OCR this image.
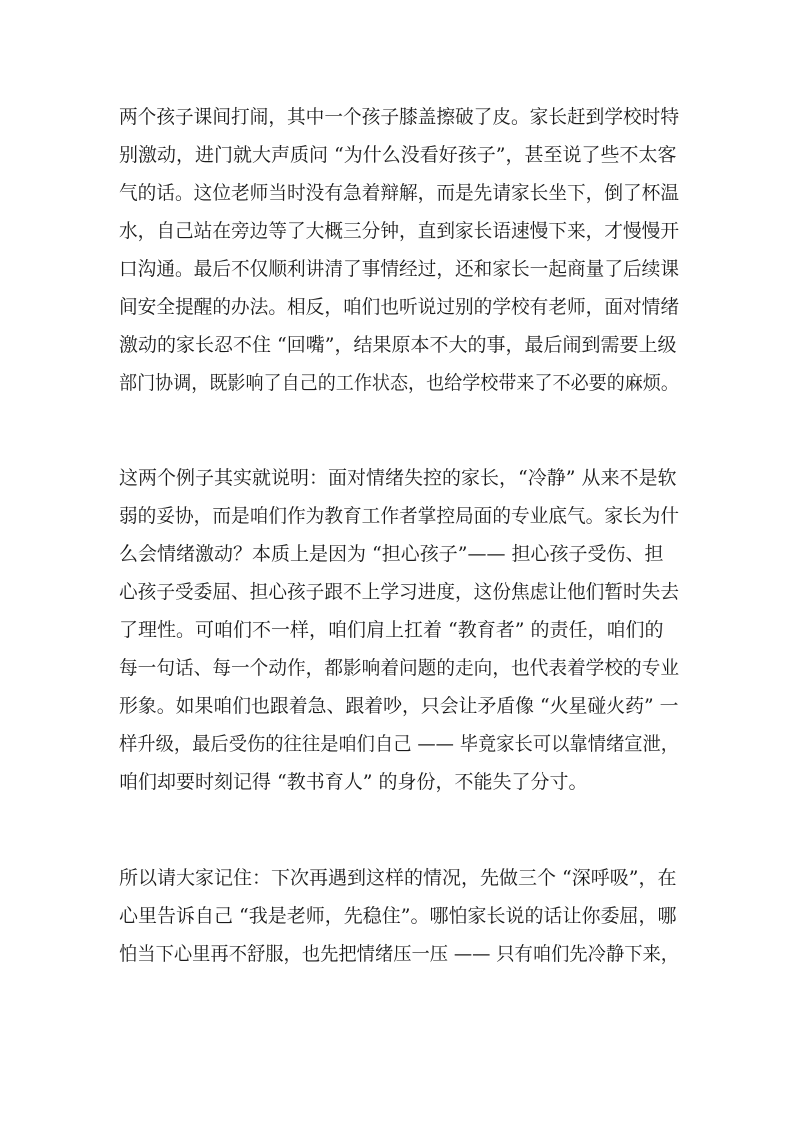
两个孩子课间打闹，其中一个孩子膝盖擦破了皮。家长赶到学校时特
别激动，进门就大声质问 “为什么没看好孩子”，甚至说了些不太客
气的话。这位老师当时没有急着辩解，而是先请家长坐下，倒了杯温
水，自己站在旁边等了大概三分钟，直到家长语速慢下来，才慢慢开
口沟通。最后不仅顺利讲清了事情经过，还和家长一起商量了后续课
间安全提醒的办法。相反，咱们也听说过别的学校有老师，面对情绪
激动的家长忍不住 “回嘴”，结果原本不大的事，最后闹到需要上级
部门协调，既影响了自己的工作状态，也给学校带来了不必要的麻烦。
这两个例子其实就说明：面对情绪失控的家长，“冷静” 从来不是软
弱的妥协，而是咱们作为教育工作者掌控局面的专业底气。家长为什
么会情绪激动？本质上是因为 “担心孩子”—— 担心孩子受伤、担
心孩子受委屈、担心孩子跟不上学习进度，这份焦虑让他们暂时失去
了理性。可咱们不一样，咱们肩上扛着 “教育者” 的责任，咱们的
每一句话、每一个动作，都影响着问题的走向，也代表着学校的专业
形象。如果咱们也跟着急、跟着吵，只会让矛盾像 “火星碰火药” 一
样升级，最后受伤的往往是咱们自己 —— 毕竟家长可以靠情绪宣泄，
咱们却要时刻记得 “教书育人” 的身份，不能失了分寸。
所以请大家记住：下次再遇到这样的情况，先做三个 “深呼吸”，在
心里告诉自己 “我是老师，先稳住”。哪怕家长说的话让你委屈，哪
怕当下心里再不舒服，也先把情绪压一压 —— 只有咱们先冷静下来，
